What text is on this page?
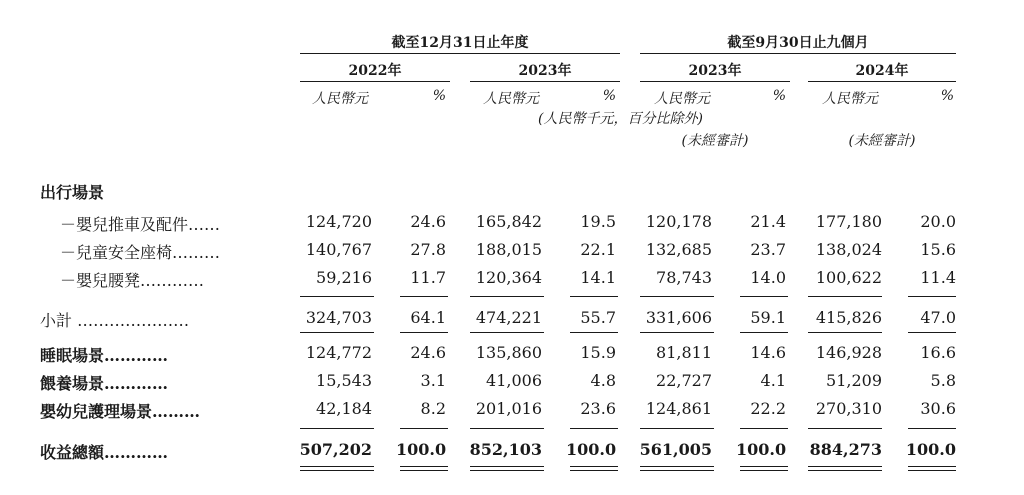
截至12月31日止年度	截至9月30日止九個月
2022年	2023年	2023年	2024年
人民幣元	%	人民幣元	%	人民幣元	%	人民幣元	%
(人民幣千元，百分比除外)
(未經審計)	(未經審計)
出行場景
－嬰兒推車及配件……	124,720	24.6	165,842	19.5	120,178	21.4	177,180	20.0
－兒童安全座椅………	140,767	27.8	188,015	22.1	132,685	23.7	138,024	15.6
－嬰兒腰凳…………	59,216	11.7	120,364	14.1	78,743	14.0	100,622	11.4
小計 …………………	324,703	64.1	474,221	55.7	331,606	59.1	415,826	47.0
睡眠場景…………	124,772	24.6	135,860	15.9	81,811	14.6	146,928	16.6
餵養場景…………	15,543	3.1	41,006	4.8	22,727	4.1	51,209	5.8
嬰幼兒護理場景………	42,184	8.2	201,016	23.6	124,861	22.2	270,310	30.6
收益總額…………	507,202 100.0	852,103 100.0	561,005 100.0	884,273 100.0
